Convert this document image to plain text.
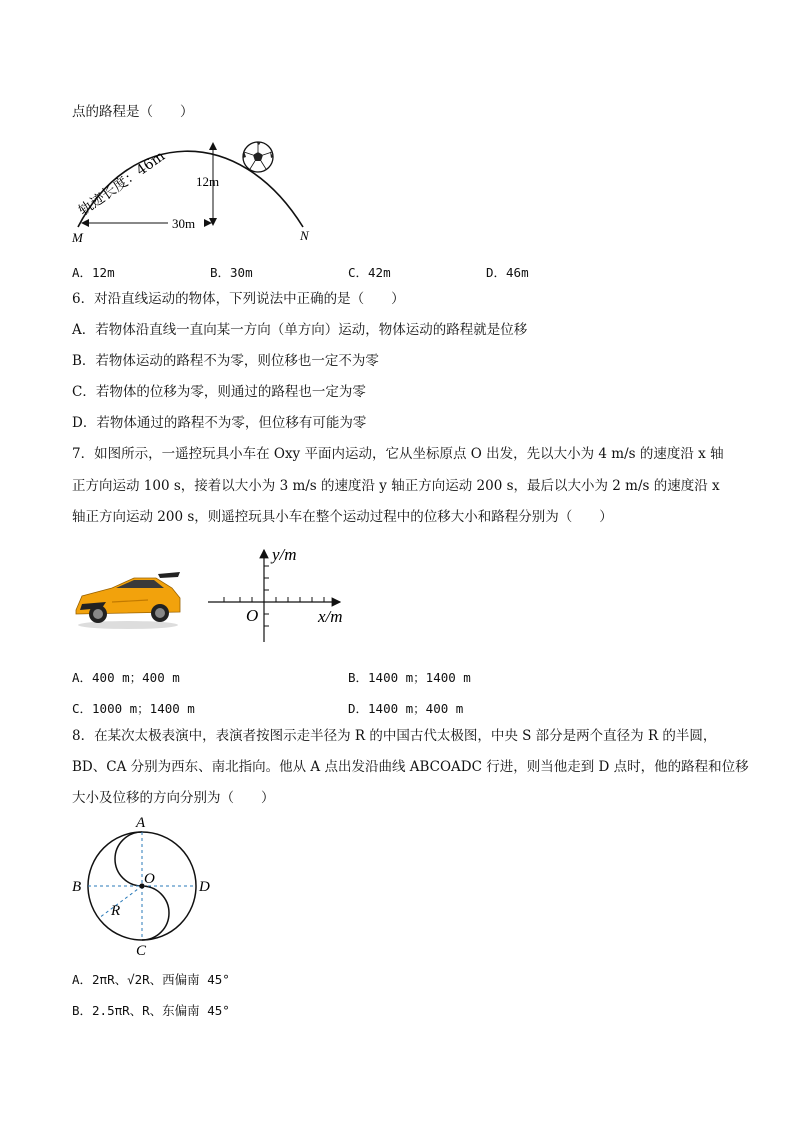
点的路程是（　　）
轨迹长度：46m 12m
30m
M	N
A．12m	B．30m	C．42m	D．46m
6．对沿直线运动的物体，下列说法中正确的是（　　）
A．若物体沿直线一直向某一方向（单方向）运动，物体运动的路程就是位移
B．若物体运动的路程不为零，则位移也一定不为零
C．若物体的位移为零，则通过的路程也一定为零
D．若物体通过的路程不为零，但位移有可能为零
7．如图所示，一遥控玩具小车在 Oxy 平面内运动，它从坐标原点 O 出发，先以大小为 4 m/s 的速度沿 x 轴
正方向运动 100 s，接着以大小为 3 m/s 的速度沿 y 轴正方向运动 200 s，最后以大小为 2 m/s 的速度沿 x
轴正方向运动 200 s，则遥控玩具小车在整个运动过程中的位移大小和路程分别为（　　）
y/m
x/m
O
A．400 m；400 m	B．1400 m；1400 m
C．1000 m；1400 m	D．1400 m；400 m
8．在某次太极表演中，表演者按图示走半径为 R 的中国古代太极图，中央 S 部分是两个直径为 R 的半圆，
BD、CA 分别为西东、南北指向。他从 A 点出发沿曲线 ABCOADC 行进，则当他走到 D 点时，他的路程和位移
大小及位移的方向分别为（　　）
A
B
C
D
O
R
A．2πR、√2R、西偏南 45°
B．2.5πR、R、东偏南 45°
